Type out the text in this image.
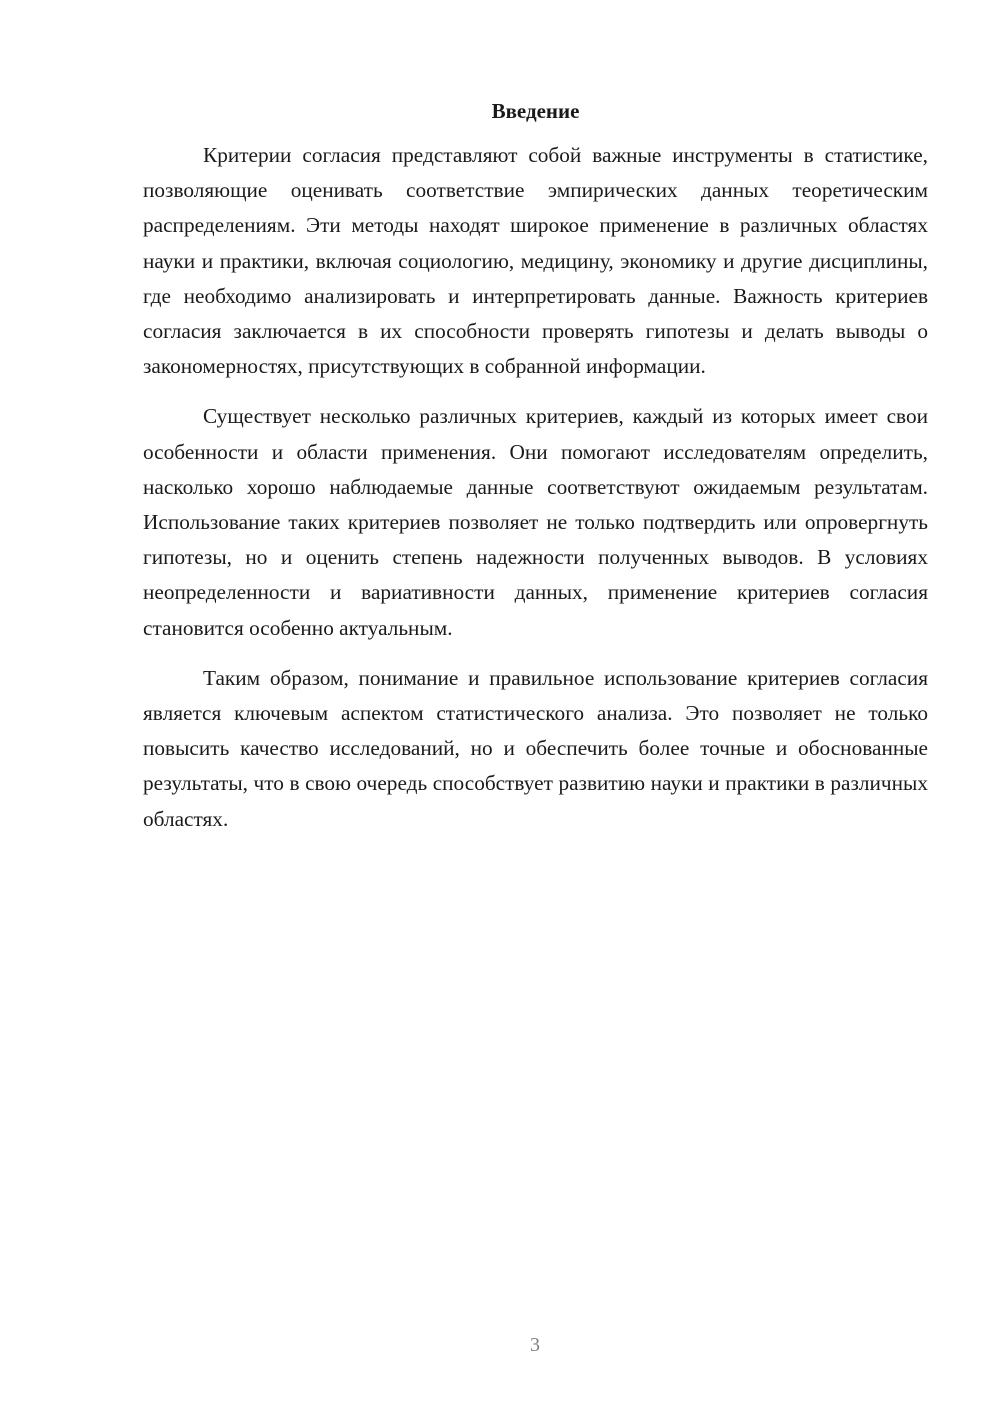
Введение

Критерии согласия представляют собой важные инструменты в статистике, позволяющие оценивать соответствие эмпирических данных теоретическим распределениям. Эти методы находят широкое применение в различных областях науки и практики, включая социологию, медицину, экономику и другие дисциплины, где необходимо анализировать и интерпретировать данные. Важность критериев согласия заключается в их способности проверять гипотезы и делать выводы о закономерностях, присутствующих в собранной информации.

Существует несколько различных критериев, каждый из которых имеет свои особенности и области применения. Они помогают исследователям определить, насколько хорошо наблюдаемые данные соответствуют ожидаемым результатам. Использование таких критериев позволяет не только подтвердить или опровергнуть гипотезы, но и оценить степень надежности полученных выводов. В условиях неопределенности и вариативности данных, применение критериев согласия становится особенно актуальным.

Таким образом, понимание и правильное использование критериев согласия является ключевым аспектом статистического анализа. Это позволяет не только повысить качество исследований, но и обеспечить более точные и обоснованные результаты, что в свою очередь способствует развитию науки и практики в различных областях.

3
